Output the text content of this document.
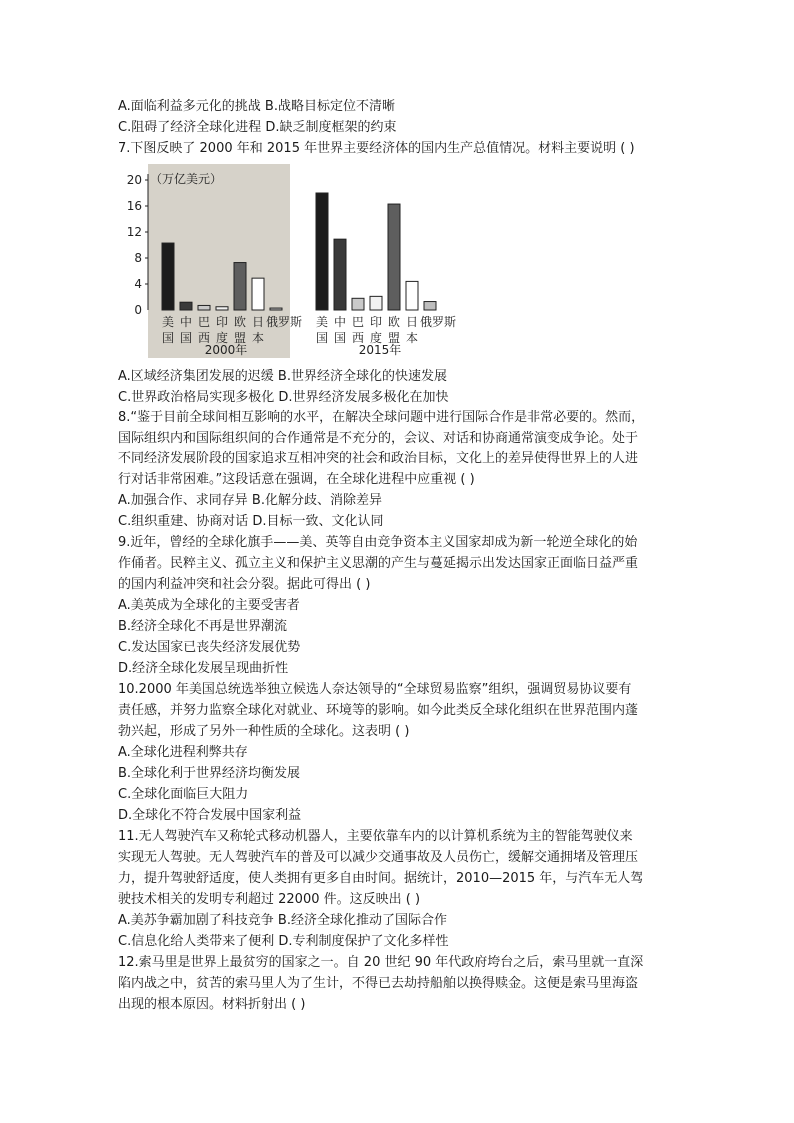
A.面临利益多元化的挑战 B.战略目标定位不清晰
C.阻碍了经济全球化进程 D.缺乏制度框架的约束
7.下图反映了 2000 年和 2015 年世界主要经济体的国内生产总值情况。材料主要说明 ( )
0
4
8
12
16
20 （万亿美元）
美
国
中
国
巴
西
印
度
欧
盟
日
本
俄罗斯
2000年
美
国
中
国
巴
西
印
度
欧
盟
日
本
俄罗斯
2015年
A.区域经济集团发展的迟缓 B.世界经济全球化的快速发展
C.世界政治格局实现多极化 D.世界经济发展多极化在加快
8.“鉴于目前全球间相互影响的水平，在解决全球问题中进行国际合作是非常必要的。然而，
国际组织内和国际组织间的合作通常是不充分的，会议、对话和协商通常演变成争论。处于
不同经济发展阶段的国家追求互相冲突的社会和政治目标，文化上的差异使得世界上的人进
行对话非常困难。”这段话意在强调，在全球化进程中应重视 ( )
A.加强合作、求同存异 B.化解分歧、消除差异
C.组织重建、协商对话 D.目标一致、文化认同
9.近年，曾经的全球化旗手——美、英等自由竞争资本主义国家却成为新一轮逆全球化的始
作俑者。民粹主义、孤立主义和保护主义思潮的产生与蔓延揭示出发达国家正面临日益严重
的国内利益冲突和社会分裂。据此可得出 ( )
A.美英成为全球化的主要受害者
B.经济全球化不再是世界潮流
C.发达国家已丧失经济发展优势
D.经济全球化发展呈现曲折性
10.2000 年美国总统选举独立候选人奈达领导的“全球贸易监察”组织，强调贸易协议要有
责任感，并努力监察全球化对就业、环境等的影响。如今此类反全球化组织在世界范围内蓬
勃兴起，形成了另外一种性质的全球化。这表明 ( )
A.全球化进程利弊共存
B.全球化利于世界经济均衡发展
C.全球化面临巨大阻力
D.全球化不符合发展中国家利益
11.无人驾驶汽车又称轮式移动机器人，主要依靠车内的以计算机系统为主的智能驾驶仪来
实现无人驾驶。无人驾驶汽车的普及可以减少交通事故及人员伤亡，缓解交通拥堵及管理压
力，提升驾驶舒适度，使人类拥有更多自由时间。据统计，2010—2015 年，与汽车无人驾
驶技术相关的发明专利超过 22000 件。这反映出 ( )
A.美苏争霸加剧了科技竞争 B.经济全球化推动了国际合作
C.信息化给人类带来了便利 D.专利制度保护了文化多样性
12.索马里是世界上最贫穷的国家之一。自 20 世纪 90 年代政府垮台之后，索马里就一直深
陷内战之中，贫苦的索马里人为了生计，不得已去劫持船舶以换得赎金。这便是索马里海盗
出现的根本原因。材料折射出 ( )
